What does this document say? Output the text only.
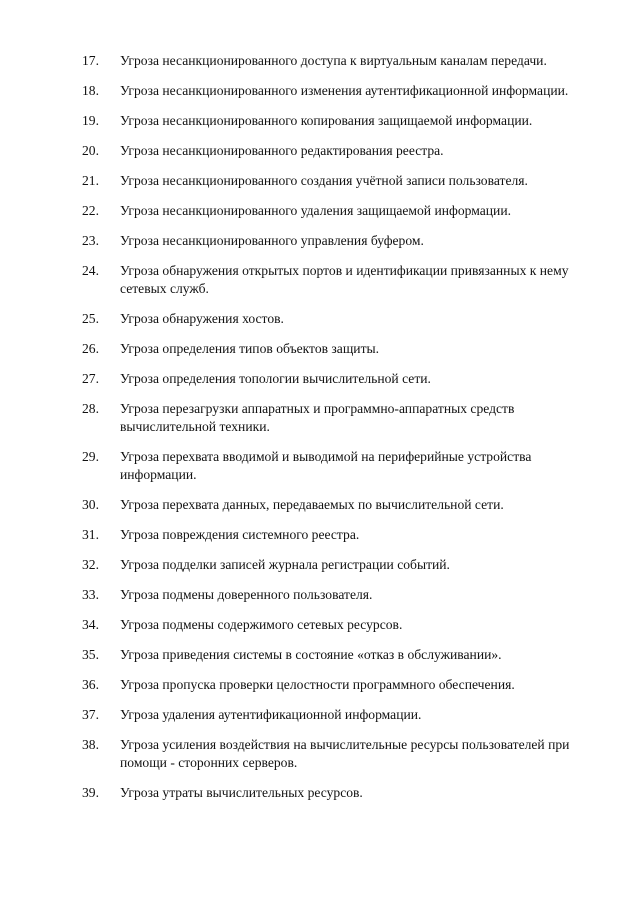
17.	Угроза несанкционированного доступа к виртуальным каналам передачи.
18.	Угроза несанкционированного изменения аутентификационной информации.
19.	Угроза несанкционированного копирования защищаемой информации.
20.	Угроза несанкционированного редактирования реестра.
21.	Угроза несанкционированного создания учётной записи пользователя.
22.	Угроза несанкционированного удаления защищаемой информации.
23.	Угроза несанкционированного управления буфером.
24.	Угроза обнаружения открытых портов и идентификации привязанных к нему сетевых служб.
25.	Угроза обнаружения хостов.
26.	Угроза определения типов объектов защиты.
27.	Угроза определения топологии вычислительной сети.
28.	Угроза перезагрузки аппаратных и программно-аппаратных средств вычислительной техники.
29.	Угроза перехвата вводимой и выводимой на периферийные устройства информации.
30.	Угроза перехвата данных, передаваемых по вычислительной сети.
31.	Угроза повреждения системного реестра.
32.	Угроза подделки записей журнала регистрации событий.
33.	Угроза подмены доверенного пользователя.
34.	Угроза подмены содержимого сетевых ресурсов.
35.	Угроза приведения системы в состояние «отказ в обслуживании».
36.	Угроза пропуска проверки целостности программного обеспечения.
37.	Угроза удаления аутентификационной информации.
38.	Угроза усиления воздействия на вычислительные ресурсы пользователей при помощи - сторонних серверов.
39.	Угроза утраты вычислительных ресурсов.
